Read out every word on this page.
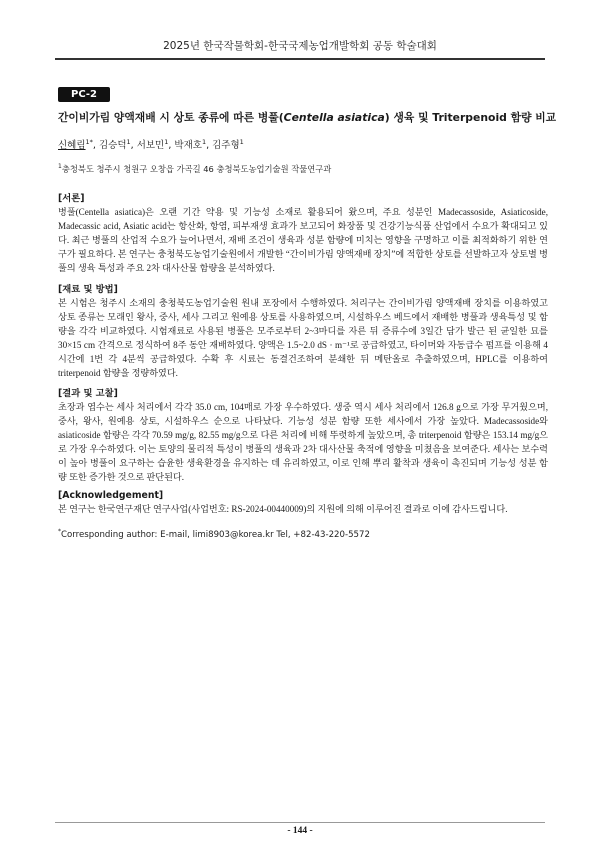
2025년 한국작물학회-한국국제농업개발학회 공동 학술대회
PC-2
간이비가림 양액재배 시 상토 종류에 따른 병풀(Centella asiatica) 생육 및 Triterpenoid 함량 비교
신혜림$^{1*}$, 김승덕$^1$, 서보민$^1$, 박재호$^1$, 김주형$^1$
$^1$충청북도 청주시 청원구 오창읍 가곡길 46 충청북도농업기술원 작물연구과
[서론]
병풀(Centella asiatica)은 오랜 기간 약용 및 기능성 소재로 활용되어 왔으며, 주요 성분인 Madecassoside, Asiaticoside, Madecassic acid, Asiatic acid는 항산화, 항염, 피부재생 효과가 보고되어 화장품 및 건강기능식품 산업에서 수요가 확대되고 있다. 최근 병풀의 산업적 수요가 늘어나면서, 재배 조건이 생육과 성분 함량에 미치는 영향을 구명하고 이를 최적화하기 위한 연구가 필요하다. 본 연구는 충청북도농업기술원에서 개발한 “간이비가림 양액재배 장치”에 적합한 상토를 선발하고자 상토별 병풀의 생육 특성과 주요 2차 대사산물 함량을 분석하였다.
[재료 및 방법]
본 시험은 청주시 소재의 충청북도농업기술원 원내 포장에서 수행하였다. 처리구는 간이비가림 양액재배 장치를 이용하였고 상토 종류는 모래인 왕사, 중사, 세사 그리고 원예용 상토를 사용하였으며, 시설하우스 베드에서 재배한 병풀과 생육특성 및 함량을 각각 비교하였다. 시험재료로 사용된 병풀은 모주로부터 2~3마디를 자른 뒤 증류수에 3일간 담가 발근 된 균일한 묘를 30×15 cm 간격으로 정식하여 8주 동안 재배하였다. 양액은 1.5~2.0 dS · m⁻¹로 공급하였고, 타이머와 자동급수 펌프를 이용해 4시간에 1번 각 4분씩 공급하였다. 수확 후 시료는 동결건조하여 분쇄한 뒤 메탄올로 추출하였으며, HPLC를 이용하여 triterpenoid 함량을 정량하였다.
[결과 및 고찰]
초장과 엽수는 세사 처리에서 각각 35.0 cm, 104매로 가장 우수하였다. 생중 역시 세사 처리에서 126.8 g으로 가장 무거웠으며, 중사, 왕사, 원예용 상토, 시설하우스 순으로 나타났다. 기능성 성분 함량 또한 세사에서 가장 높았다. Madecassoside와 asiaticoside 함량은 각각 70.59 mg/g, 82.55 mg/g으로 다른 처리에 비해 뚜렷하게 높았으며, 총 triterpenoid 함량은 153.14 mg/g으로 가장 우수하였다. 이는 토양의 물리적 특성이 병풀의 생육과 2차 대사산물 축적에 영향을 미쳤음을 보여준다. 세사는 보수력이 높아 병풀이 요구하는 습윤한 생육환경을 유지하는 데 유리하였고, 이로 인해 뿌리 활착과 생육이 촉진되며 기능성 성분 함량 또한 증가한 것으로 판단된다.
[Acknowledgement]
본 연구는 한국연구재단 연구사업(사업번호: RS-2024-00440009)의 지원에 의해 이루어진 결과로 이에 감사드립니다.
*Corresponding author: E-mail, limi8903@korea.kr Tel, +82-43-220-5572
- 144 -
